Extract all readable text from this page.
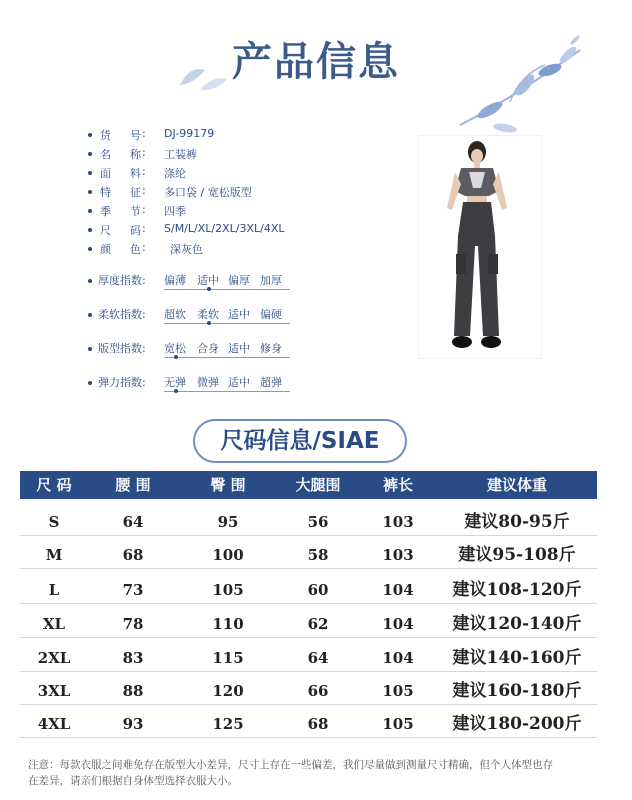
产品信息
货 号 : DJ-99179
名 称 : 工装裤
面 料 : 涤纶
特 征 : 多口袋 / 宽松版型
季 节 : 四季
尺 码 : S/M/L/XL/2XL/3XL/4XL
颜 色 : 深灰色
厚度指数: 偏薄 适中 偏厚 加厚
柔软指数: 超软 柔软 适中 偏硬
版型指数: 宽松 合身 适中 修身
弹力指数: 无弹 微弹 适中 超弹
尺码信息/SIAE
尺 码	腰 围	臀 围	大腿围	裤长	建议体重
S	64	95	56	103	建议80-95斤
M	68	100	58	103	建议95-108斤
L	73	105	60	104 建议108-120斤
XL	78	110	62	104 建议120-140斤
2XL	83	115	64	104 建议140-160斤
3XL	88	120	66	105 建议160-180斤
4XL	93	125	68	105 建议180-200斤
注意：每款衣服之间难免存在版型大小差异，尺寸上存在一些偏差，我们尽量做到测量尺寸精确，但个人体型也存
在差异，请亲们根据自身体型选择衣服大小。
